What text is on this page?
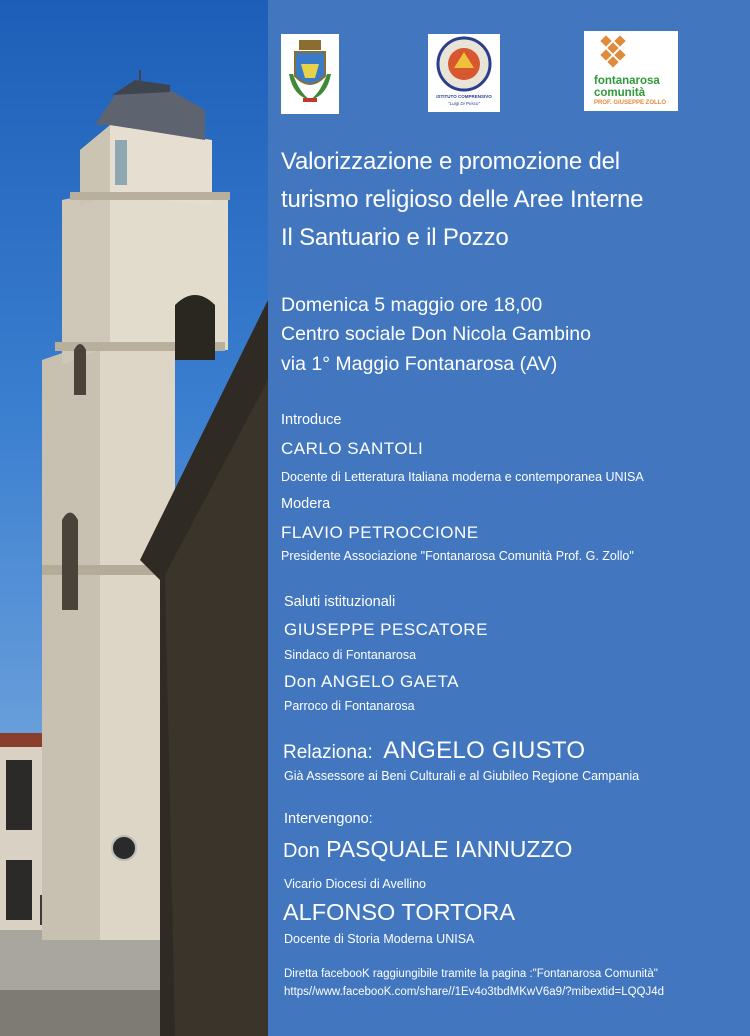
ISTITUTO COMPRENSIVO
"Luigi Di Prisco"
fontanarosa
comunità
PROF. GIUSEPPE ZOLLO
Valorizzazione e promozione del
turismo religioso delle Aree Interne
Il Santuario e il Pozzo
Domenica 5 maggio ore 18,00
Centro sociale Don Nicola Gambino
via 1° Maggio Fontanarosa (AV)
Introduce
CARLO SANTOLI
Docente di Letteratura Italiana moderna e contemporanea UNISA
Modera
FLAVIO PETROCCIONE
Presidente Associazione "Fontanarosa Comunità Prof. G. Zollo"
Saluti istituzionali
GIUSEPPE PESCATORE
Sindaco di Fontanarosa
Don ANGELO GAETA
Parroco di Fontanarosa
Relaziona: ANGELO GIUSTO
Già Assessore ai Beni Culturali e al Giubileo Regione Campania
Intervengono:
Don PASQUALE IANNUZZO
Vicario Diocesi di Avellino
ALFONSO TORTORA
Docente di Storia Moderna UNISA
Diretta facebooK raggiungibile tramite la pagina :"Fontanarosa Comunità"
https//www.facebooK.com/share//1Ev4o3tbdMKwV6a9/?mibextid=LQQJ4d
